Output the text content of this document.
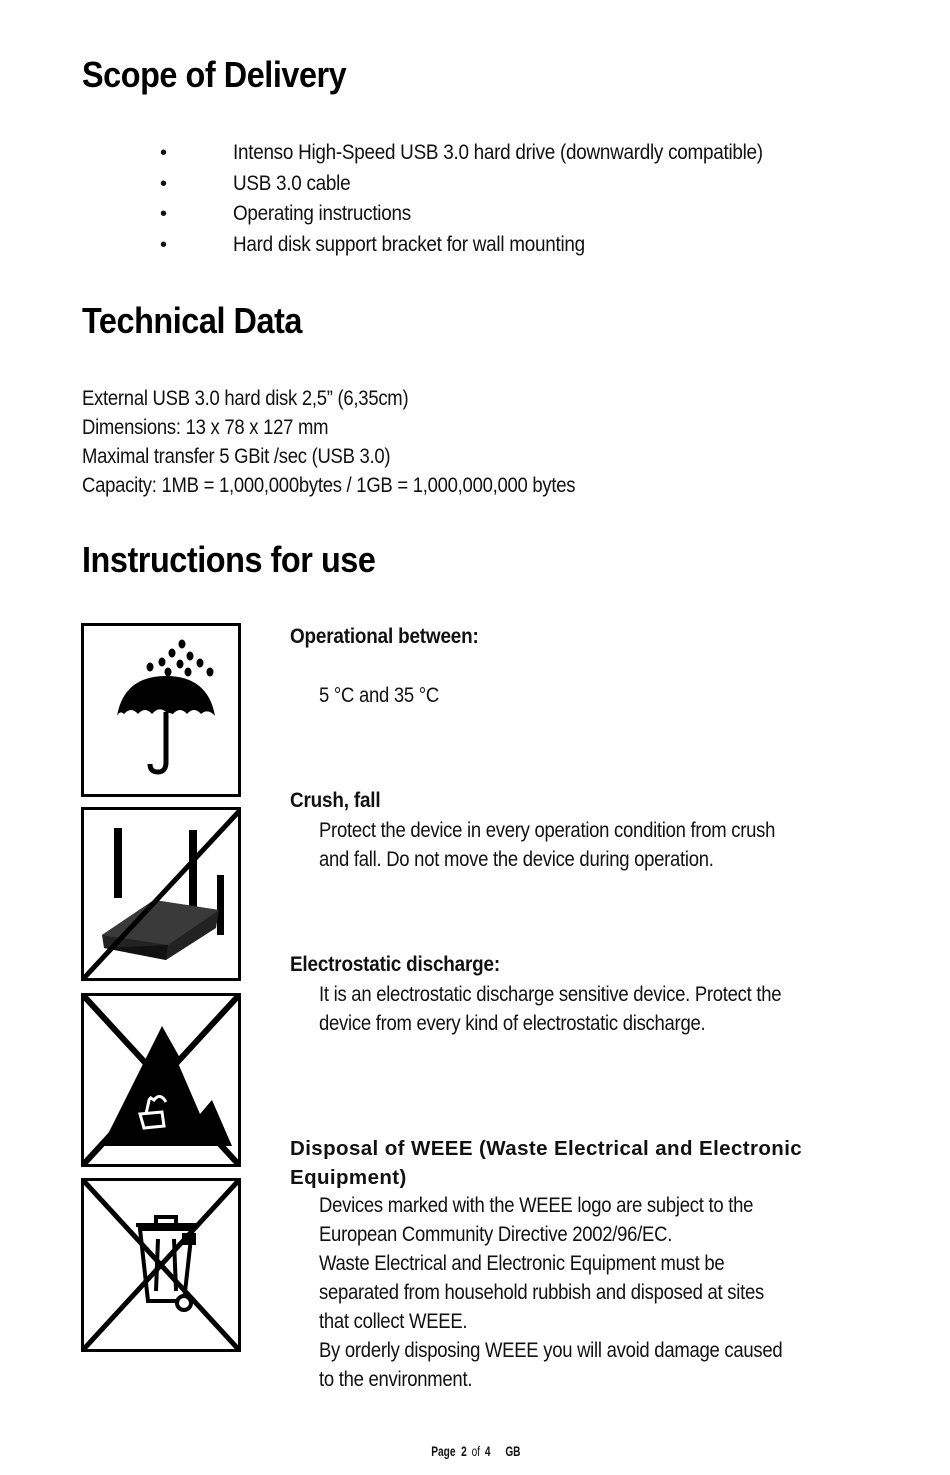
Scope of Delivery
•	Intenso High-Speed USB 3.0 hard drive (downwardly compatible)
•	USB 3.0 cable
•	Operating instructions
•	Hard disk support bracket for wall mounting
Technical Data
External USB 3.0 hard disk 2,5” (6,35cm)
Dimensions: 13 x 78 x 127 mm
Maximal transfer 5 GBit /sec (USB 3.0)
Capacity: 1MB = 1,000,000bytes / 1GB = 1,000,000,000 bytes
Instructions for use
Operational between:
5 °C and 35 °C
Crush, fall
Protect the device in every operation condition from crush
and fall. Do not move the device during operation.
Electrostatic discharge:
It is an electrostatic discharge sensitive device. Protect the
device from every kind of electrostatic discharge.
Disposal of WEEE (Waste Electrical and Electronic Equipment)
Devices marked with the WEEE logo are subject to the
European Community Directive 2002/96/EC.
Waste Electrical and Electronic Equipment must be
separated from household rubbish and disposed at sites
that collect WEEE.
By orderly disposing WEEE you will avoid damage caused
to the environment.
Page 2 of 4 GB
